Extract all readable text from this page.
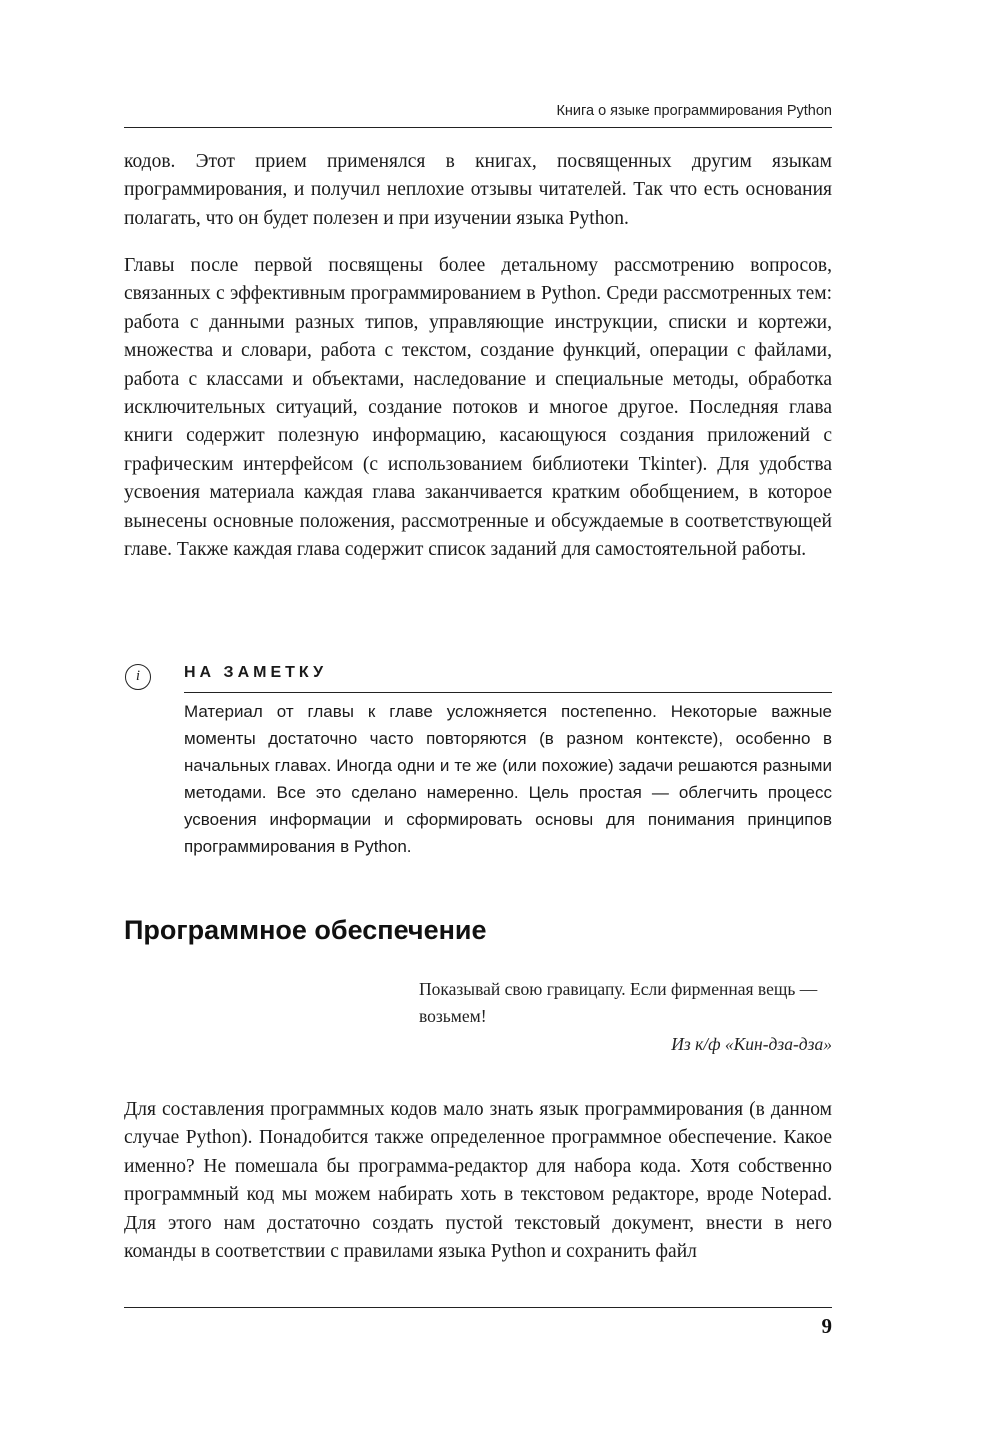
Книга о языке программирования Python

кодов. Этот прием применялся в книгах, посвященных другим языкам программирования, и получил неплохие отзывы читателей. Так что есть основания полагать, что он будет полезен и при изучении языка Python.

Главы после первой посвящены более детальному рассмотрению вопросов, связанных с эффективным программированием в Python. Среди рассмотренных тем: работа с данными разных типов, управляющие инструкции, списки и кортежи, множества и словари, работа с текстом, создание функций, операции с файлами, работа с классами и объектами, наследование и специальные методы, обработка исключительных ситуаций, создание потоков и многое другое. Последняя глава книги содержит полезную информацию, касающуюся создания приложений с графическим интерфейсом (с использованием библиотеки Tkinter). Для удобства усвоения материала каждая глава заканчивается кратким обобщением, в которое вынесены основные положения, рассмотренные и обсуждаемые в соответствующей главе. Также каждая глава содержит список заданий для самостоятельной работы.

i	НА ЗАМЕТКУ

Материал от главы к главе усложняется постепенно. Некоторые важные моменты достаточно часто повторяются (в разном контексте), особенно в начальных главах. Иногда одни и те же (или похожие) задачи решаются разными методами. Все это сделано намеренно. Цель простая — облегчить процесс усвоения информации и сформировать основы для понимания принципов программирования в Python.

Программное обеспечение

Показывай свою гравицапу. Если фирменная вещь — возьмем!

Из к/ф «Кин-дза-дза»

Для составления программных кодов мало знать язык программирования (в данном случае Python). Понадобится также определенное программное обеспечение. Какое именно? Не помешала бы программа-редактор для набора кода. Хотя собственно программный код мы можем набирать хоть в текстовом редакторе, вроде Notepad. Для этого нам достаточно создать пустой текстовый документ, внести в него команды в соответствии с правилами языка Python и сохранить файл

9
